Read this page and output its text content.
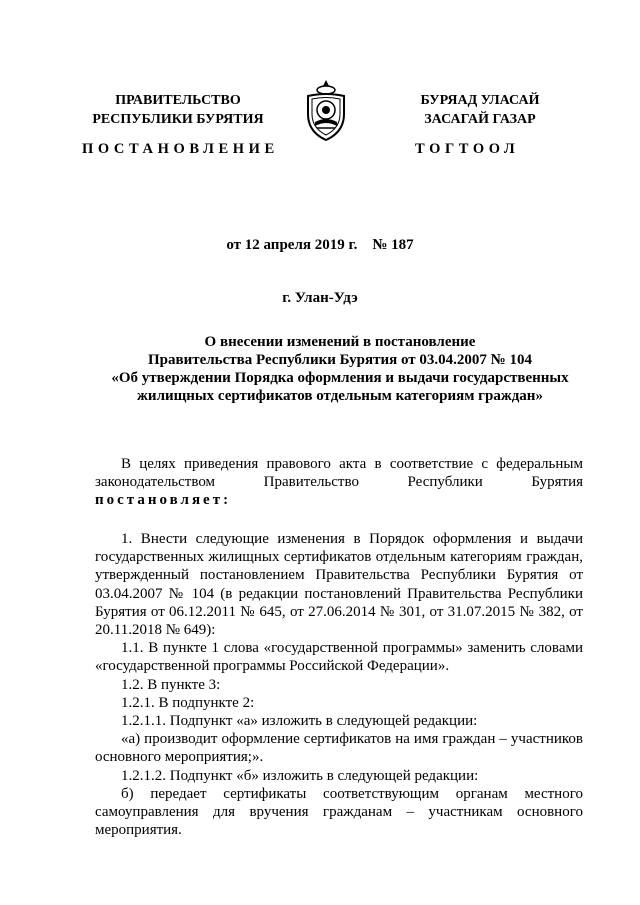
ПРАВИТЕЛЬСТВО
РЕСПУБЛИКИ БУРЯТИЯ
БУРЯАД УЛАСАЙ
ЗАСАГАЙ ГАЗАР
ПОСТАНОВЛЕНИЕ	ТОГТООЛ
от 12 апреля 2019 г.    № 187
г. Улан-Удэ
О внесении изменений в постановление
Правительства Республики Бурятия от 03.04.2007 № 104
«Об утверждении Порядка оформления и выдачи государственных
жилищных сертификатов отдельным категориям граждан»

В целях приведения правового акта в соответствие с федеральным законодательством Правительство Республики Бурятия постановляет:

1. Внести следующие изменения в Порядок оформления и выдачи государственных жилищных сертификатов отдельным категориям граждан, утвержденный постановлением Правительства Республики Бурятия от 03.04.2007 № 104 (в редакции постановлений Правительства Республики Бурятия от 06.12.2011 № 645, от 27.06.2014 № 301, от 31.07.2015 № 382, от 20.11.2018 № 649):

1.1. В пункте 1 слова «государственной программы» заменить словами «государственной программы Российской Федерации».

1.2. В пункте 3:

1.2.1. В подпункте 2:

1.2.1.1. Подпункт «а» изложить в следующей редакции:

«а) производит оформление сертификатов на имя граждан – участников основного мероприятия;».

1.2.1.2. Подпункт «б» изложить в следующей редакции:

б) передает сертификаты соответствующим органам местного самоуправления для вручения гражданам – участникам основного мероприятия.
